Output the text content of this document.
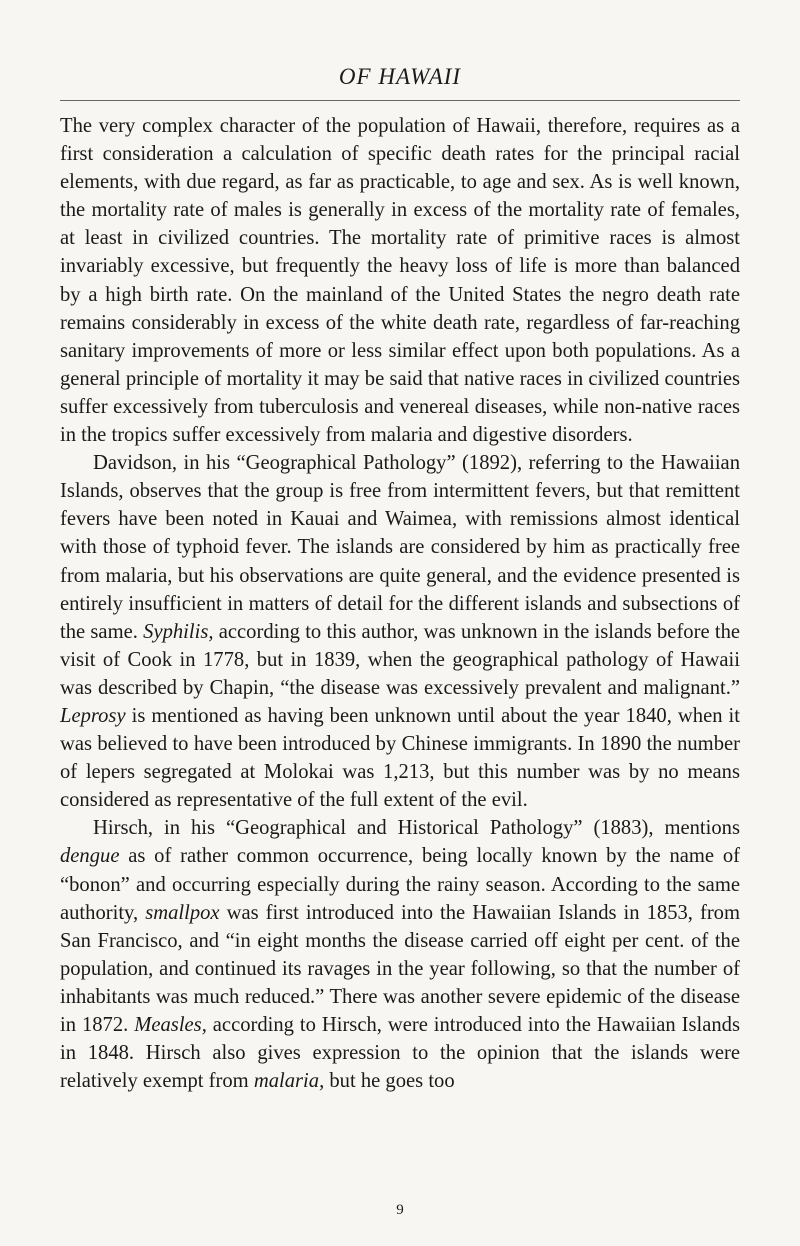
OF HAWAII

The very complex character of the population of Hawaii, therefore, requires as a first consideration a calculation of specific death rates for the principal racial elements, with due regard, as far as practicable, to age and sex. As is well known, the mortality rate of males is generally in excess of the mortality rate of females, at least in civilized countries. The mortality rate of primitive races is almost invariably excessive, but frequently the heavy loss of life is more than balanced by a high birth rate. On the mainland of the United States the negro death rate remains considerably in excess of the white death rate, regardless of far-reaching sanitary improvements of more or less similar effect upon both populations. As a general principle of mortality it may be said that native races in civilized countries suffer excessively from tuberculosis and venereal diseases, while non-native races in the tropics suffer excessively from malaria and digestive disorders.

Davidson, in his “Geographical Pathology” (1892), referring to the Hawaiian Islands, observes that the group is free from intermittent fevers, but that remittent fevers have been noted in Kauai and Waimea, with remissions almost identical with those of typhoid fever. The islands are considered by him as practically free from malaria, but his observations are quite general, and the evidence presented is entirely insufficient in matters of detail for the different islands and subsections of the same. Syphilis, according to this author, was unknown in the islands before the visit of Cook in 1778, but in 1839, when the geographical pathology of Hawaii was described by Chapin, “the disease was excessively prevalent and malignant.” Leprosy is mentioned as having been unknown until about the year 1840, when it was believed to have been introduced by Chinese immigrants. In 1890 the number of lepers segregated at Molokai was 1,213, but this number was by no means considered as representative of the full extent of the evil.

Hirsch, in his “Geographical and Historical Pathology” (1883), mentions dengue as of rather common occurrence, being locally known by the name of “bonon” and occurring especially during the rainy season. According to the same authority, smallpox was first introduced into the Hawaiian Islands in 1853, from San Francisco, and “in eight months the disease carried off eight per cent. of the population, and continued its ravages in the year following, so that the number of inhabitants was much reduced.” There was another severe epidemic of the disease in 1872. Measles, according to Hirsch, were introduced into the Hawaiian Islands in 1848. Hirsch also gives expression to the opinion that the islands were relatively exempt from malaria, but he goes too

9
